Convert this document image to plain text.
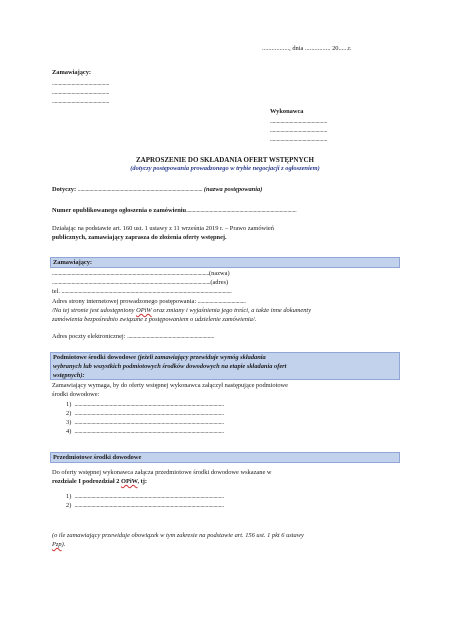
................., dnia ................ 20......r.
Zamawiający:
............................................
............................................
............................................
Wykonawca
............................................
............................................
............................................
ZAPROSZENIE DO SKŁADANIA OFERT WSTĘPNYCH
(dotyczy postępowania prowadzonego w trybie negocjacji z ogłoszeniem)
Dotyczy: ................................................................................................ (nazwa postępowania)
Numer opublikowanego ogłoszenia o zamówieniu.....................................................................................
Działając na podstawie art. 160 ust. 1 ustawy z 11 września 2019 r. – Prawo zamówień
publicznych, zamawiający zaprasza do złożenia oferty wstępnej.
Zamawiający:
.........................................................................................................................(nazwa)
..........................................................................................................................(adres)
tel. ...................................................................................................................................
Adres strony internetowej prowadzonego postępowania: .....................................
/Na tej stronie jest udostępniony OPiW oraz zmiany i wyjaśnienia jego treści, a także inne dokumenty
zamówienia bezpośrednio związane z postępowaniem o udzielenie zamówienia/.
Adres poczty elektronicznej: ...................................................................
Podmiotowe środki dowodowe (jeżeli zamawiający przewiduje wymóg składania
wybranych lub wszystkich podmiotowych środków dowodowych na etapie składania ofert
wstępnych):
Zamawiający wymaga, by do oferty wstępnej wykonawca załączył następujące podmiotowe
środki dowodowe:
1) ...................................................................................................................
2) ...................................................................................................................
3) ...................................................................................................................
4) ...................................................................................................................
Przedmiotowe środki dowodowe
Do oferty wstępnej wykonawca załącza przedmiotowe środki dowodowe wskazane w
rozdziale I podrozdział 2 OPiW, tj:
1) ...................................................................................................................
2) ...................................................................................................................
(o ile zamawiający przewiduje obowiązek w tym zakresie na podstawie art. 156 ust. 1 pkt 6 ustawy
Pzp).
